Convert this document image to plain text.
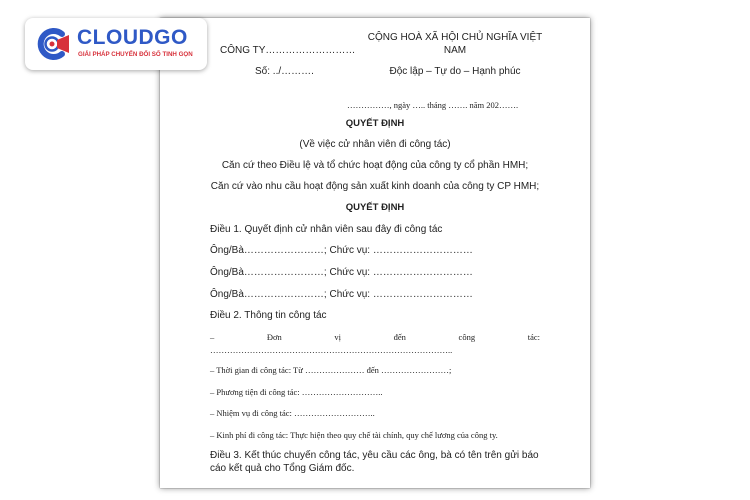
CÔNG TY………………………
CỘNG HOÀ XÃ HỘI CHỦ NGHĨA VIỆT
NAM
Số: ../……….	Độc lập – Tự do – Hạnh phúc
……………, ngày ….. tháng ……. năm 202…….
QUYẾT ĐỊNH
(Về việc cử nhân viên đi công tác)
Căn cứ theo Điều lệ và tổ chức hoạt động của công ty cổ phần HMH;
Căn cứ vào nhu cầu hoạt động sản xuất kinh doanh của công ty CP HMH;
QUYẾT ĐỊNH
Điều 1. Quyết định cử nhân viên sau đây đi công tác
Ông/Bà……………………; Chức vụ: …………………………
Ông/Bà……………………; Chức vụ: …………………………
Ông/Bà……………………; Chức vụ: …………………………
Điều 2. Thông tin công tác
–	Đơn	vị	đến	công	tác:
…………………………………………………………………………..
– Thời gian đi công tác: Từ ………………… đến ……………………;
– Phương tiện đi công tác: ………………………..
– Nhiệm vụ đi công tác: ………………………..
– Kinh phí đi công tác: Thực hiện theo quy chế tài chính, quy chế lương của công ty.
Điều 3. Kết thúc chuyến công tác, yêu cầu các ông, bà có tên trên gửi báo
cáo kết quả cho Tổng Giám đốc.
CLOUDGO
GIẢI PHÁP CHUYỂN ĐỔI SỐ TINH GỌN
